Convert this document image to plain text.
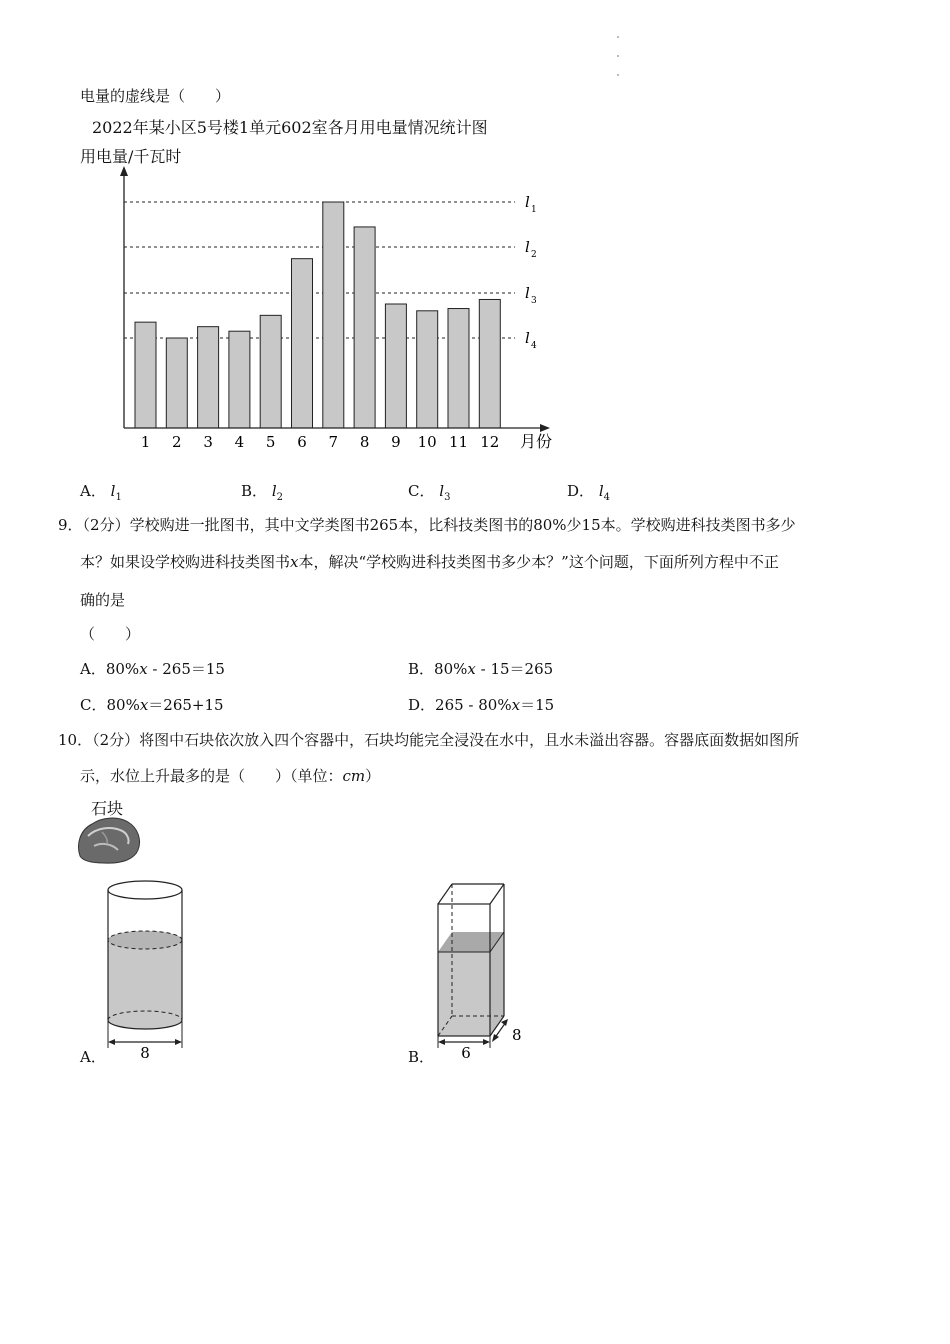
电量的虚线是（　　）
2022年某小区5号楼1单元602室各月用电量情况统计图
用电量/千瓦时
l 1
l 2
l 3
l 4
1 2 3 4 5 6 7 8 9 10 11 12 月份
A． $l_1$	B． $l_2$	C． $l_3$	D． $l_4$
9．（2分）学校购进一批图书，其中文学类图书265本，比科技类图书的80%少15本。学校购进科技类图书多少
本？如果设学校购进科技类图书x本，解决“学校购进科技类图书多少本？”这个问题，下面所列方程中不正
确的是
（　　）
A．80%x - 265＝15	B．80%x - 15＝265
C．80%x＝265+15	D．265 - 80%x＝15
10．（2分）将图中石块依次放入四个容器中，石块均能完全浸没在水中，且水未溢出容器。容器底面数据如图所
示，水位上升最多的是（　　）（单位：cm）
石块
A． 8	B． 6
8
